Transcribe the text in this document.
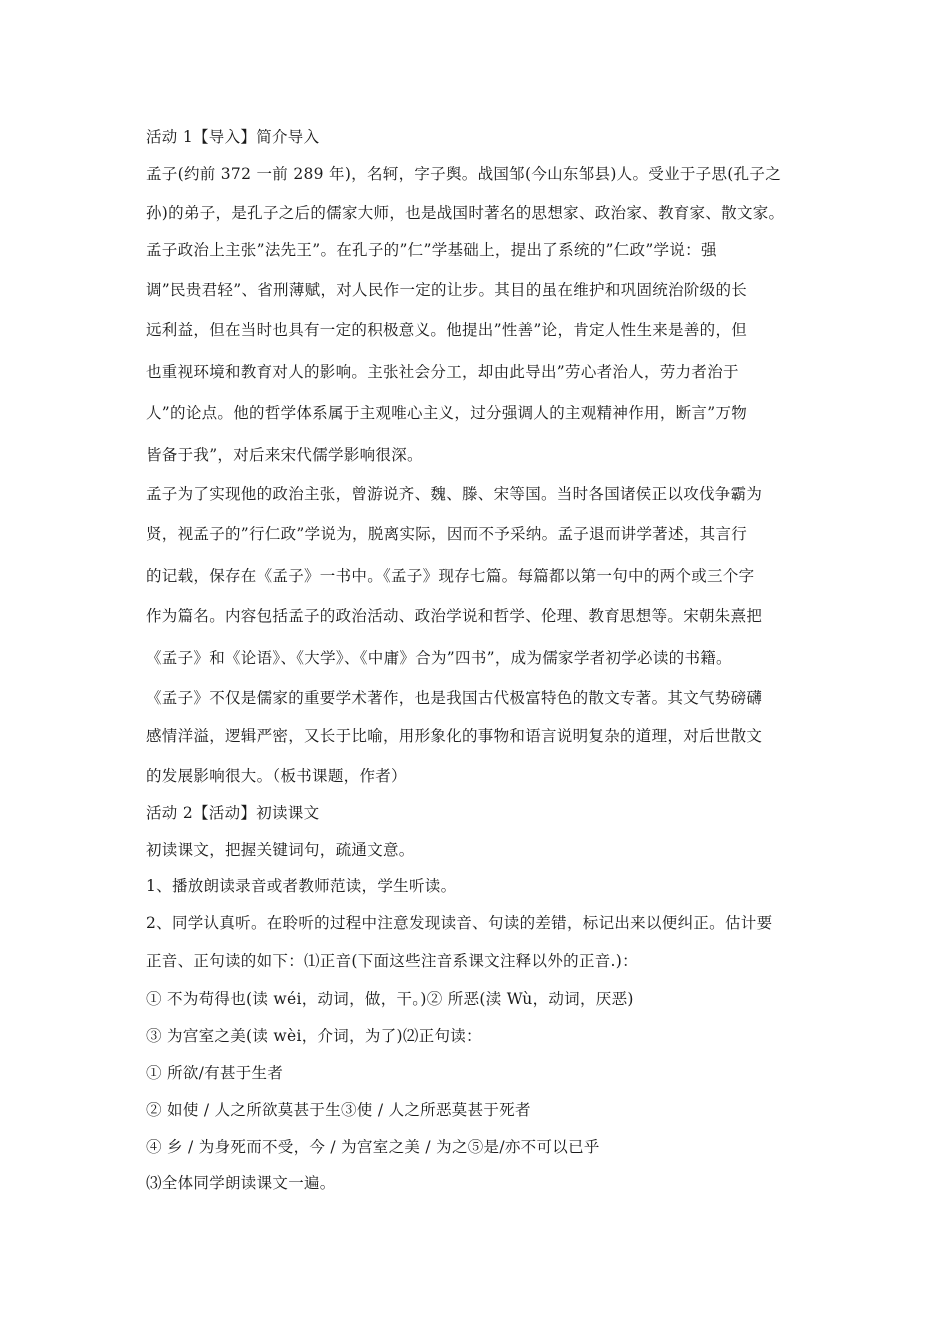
活动 1【导入】简介导入
孟子(约前 372 一前 289 年)，名轲，字子舆。战国邹(今山东邹县)人。受业于子思(孔子之
孙)的弟子，是孔子之后的儒家大师，也是战国时著名的思想家、政治家、教育家、散文家。
孟子政治上主张”法先王”。在孔子的”仁”学基础上，提出了系统的”仁政”学说：强
调”民贵君轻”、省刑薄赋，对人民作一定的让步。其目的虽在维护和巩固统治阶级的长
远利益，但在当时也具有一定的积极意义。他提出”性善”论，肯定人性生来是善的，但
也重视环境和教育对人的影响。主张社会分工，却由此导出”劳心者治人，劳力者治于
人”的论点。他的哲学体系属于主观唯心主义，过分强调人的主观精神作用，断言”万物
皆备于我”，对后来宋代儒学影响很深。
孟子为了实现他的政治主张，曾游说齐、魏、滕、宋等国。当时各国诸侯正以攻伐争霸为
贤，视孟子的”行仁政”学说为，脱离实际，因而不予采纳。孟子退而讲学著述，其言行
的记载，保存在《孟子》一书中。《孟子》现存七篇。每篇都以第一句中的两个或三个字
作为篇名。内容包括孟子的政治活动、政治学说和哲学、伦理、教育思想等。宋朝朱熹把
《孟子》和《论语》、《大学》、《中庸》合为”四书”，成为儒家学者初学必读的书籍。
《孟子》不仅是儒家的重要学术著作，也是我国古代极富特色的散文专著。其文气势磅礴
感情洋溢，逻辑严密，又长于比喻，用形象化的事物和语言说明复杂的道理，对后世散文
的发展影响很大。（板书课题，作者）
活动 2【活动】初读课文
初读课文，把握关键词句，疏通文意。
1、播放朗读录音或者教师范读，学生听读。
2、同学认真听。在聆听的过程中注意发现读音、句读的差错，标记出来以便纠正。估计要
正音、正句读的如下：⑴正音(下面这些注音系课文注释以外的正音.)：
① 不为苟得也(读 wéi，动词，做，干。)② 所恶(渎 Wù，动词，厌恶)
③ 为宫室之美(读 wèi，介词，为了)⑵正句读：
① 所欲/有甚于生者
② 如使 / 人之所欲莫甚于生③使 / 人之所恶莫甚于死者
④ 乡 / 为身死而不受，今 / 为宫室之美 / 为之⑤是/亦不可以已乎
⑶全体同学朗读课文一遍。
